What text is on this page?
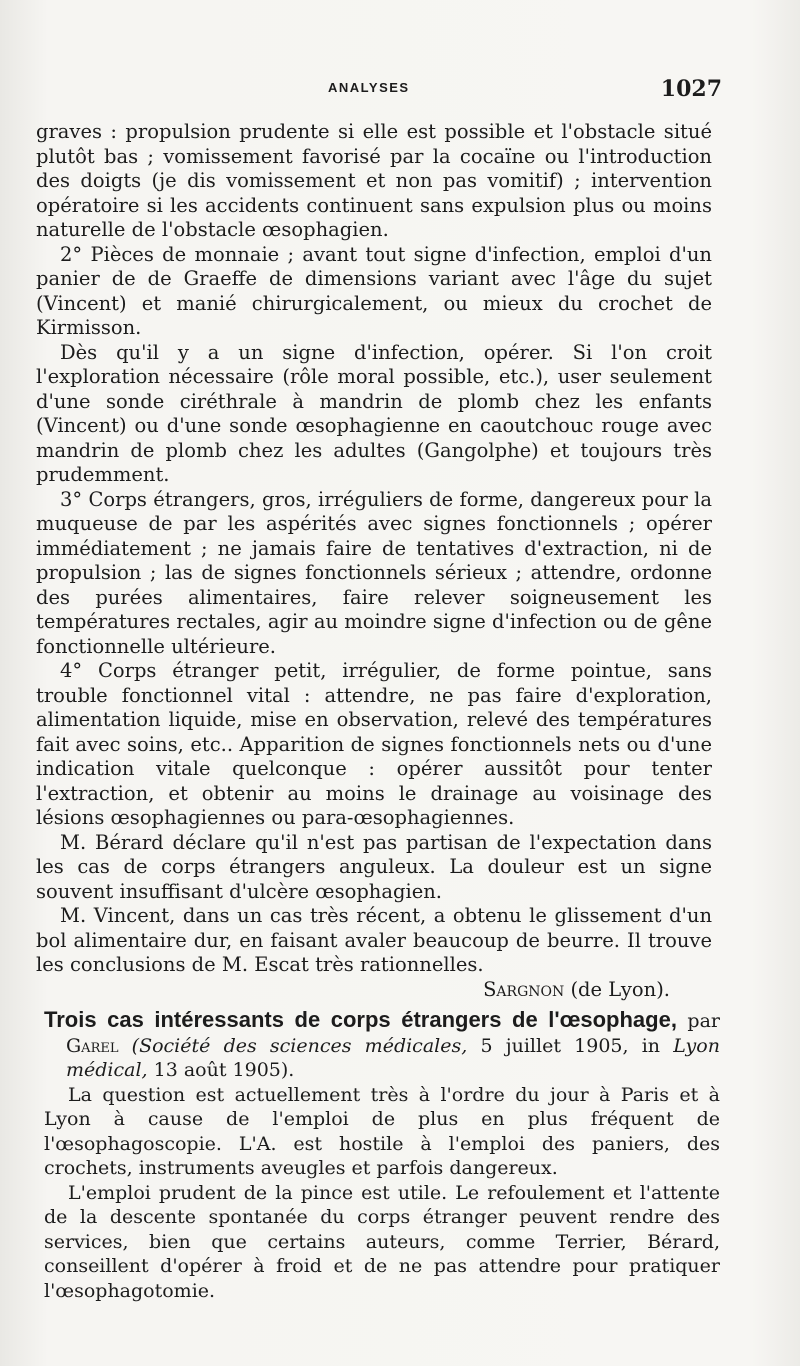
ANALYSES	1027

graves : propulsion prudente si elle est possible et l'obstacle situé plutôt bas ; vomissement favorisé par la cocaïne ou l'introduction des doigts (je dis vomissement et non pas vomitif) ; intervention opératoire si les accidents continuent sans expulsion plus ou moins naturelle de l'obstacle œsophagien.

2° Pièces de monnaie ; avant tout signe d'infection, emploi d'un panier de de Graeffe de dimensions variant avec l'âge du sujet (Vincent) et manié chirurgicalement, ou mieux du crochet de Kirmisson.

Dès qu'il y a un signe d'infection, opérer. Si l'on croit l'exploration nécessaire (rôle moral possible, etc.), user seulement d'une sonde ciréthrale à mandrin de plomb chez les enfants (Vincent) ou d'une sonde œsophagienne en caoutchouc rouge avec mandrin de plomb chez les adultes (Gangolphe) et toujours très prudemment.

3° Corps étrangers, gros, irréguliers de forme, dangereux pour la muqueuse de par les aspérités avec signes fonctionnels ; opérer immédiatement ; ne jamais faire de tentatives d'extraction, ni de propulsion ; las de signes fonctionnels sérieux ; attendre, ordonne des purées alimentaires, faire relever soigneusement les températures rectales, agir au moindre signe d'infection ou de gêne fonctionnelle ultérieure.

4° Corps étranger petit, irrégulier, de forme pointue, sans trouble fonctionnel vital : attendre, ne pas faire d'exploration, alimentation liquide, mise en observation, relevé des températures fait avec soins, etc.. Apparition de signes fonctionnels nets ou d'une indication vitale quelconque : opérer aussitôt pour tenter l'extraction, et obtenir au moins le drainage au voisinage des lésions œsophagiennes ou para-œsophagiennes.

M. Bérard déclare qu'il n'est pas partisan de l'expectation dans les cas de corps étrangers anguleux. La douleur est un signe souvent insuffisant d'ulcère œsophagien.

M. Vincent, dans un cas très récent, a obtenu le glissement d'un bol alimentaire dur, en faisant avaler beaucoup de beurre. Il trouve les conclusions de M. Escat très rationnelles.

Sargnon (de Lyon).

Trois cas intéressants de corps étrangers de l'œsophage, par Garel (Société des sciences médicales, 5 juillet 1905, in Lyon médical, 13 août 1905).

La question est actuellement très à l'ordre du jour à Paris et à Lyon à cause de l'emploi de plus en plus fréquent de l'œsophagoscopie. L'A. est hostile à l'emploi des paniers, des crochets, instruments aveugles et parfois dangereux.

L'emploi prudent de la pince est utile. Le refoulement et l'attente de la descente spontanée du corps étranger peuvent rendre des services, bien que certains auteurs, comme Terrier, Bérard, conseillent d'opérer à froid et de ne pas attendre pour pratiquer l'œsophagotomie.
